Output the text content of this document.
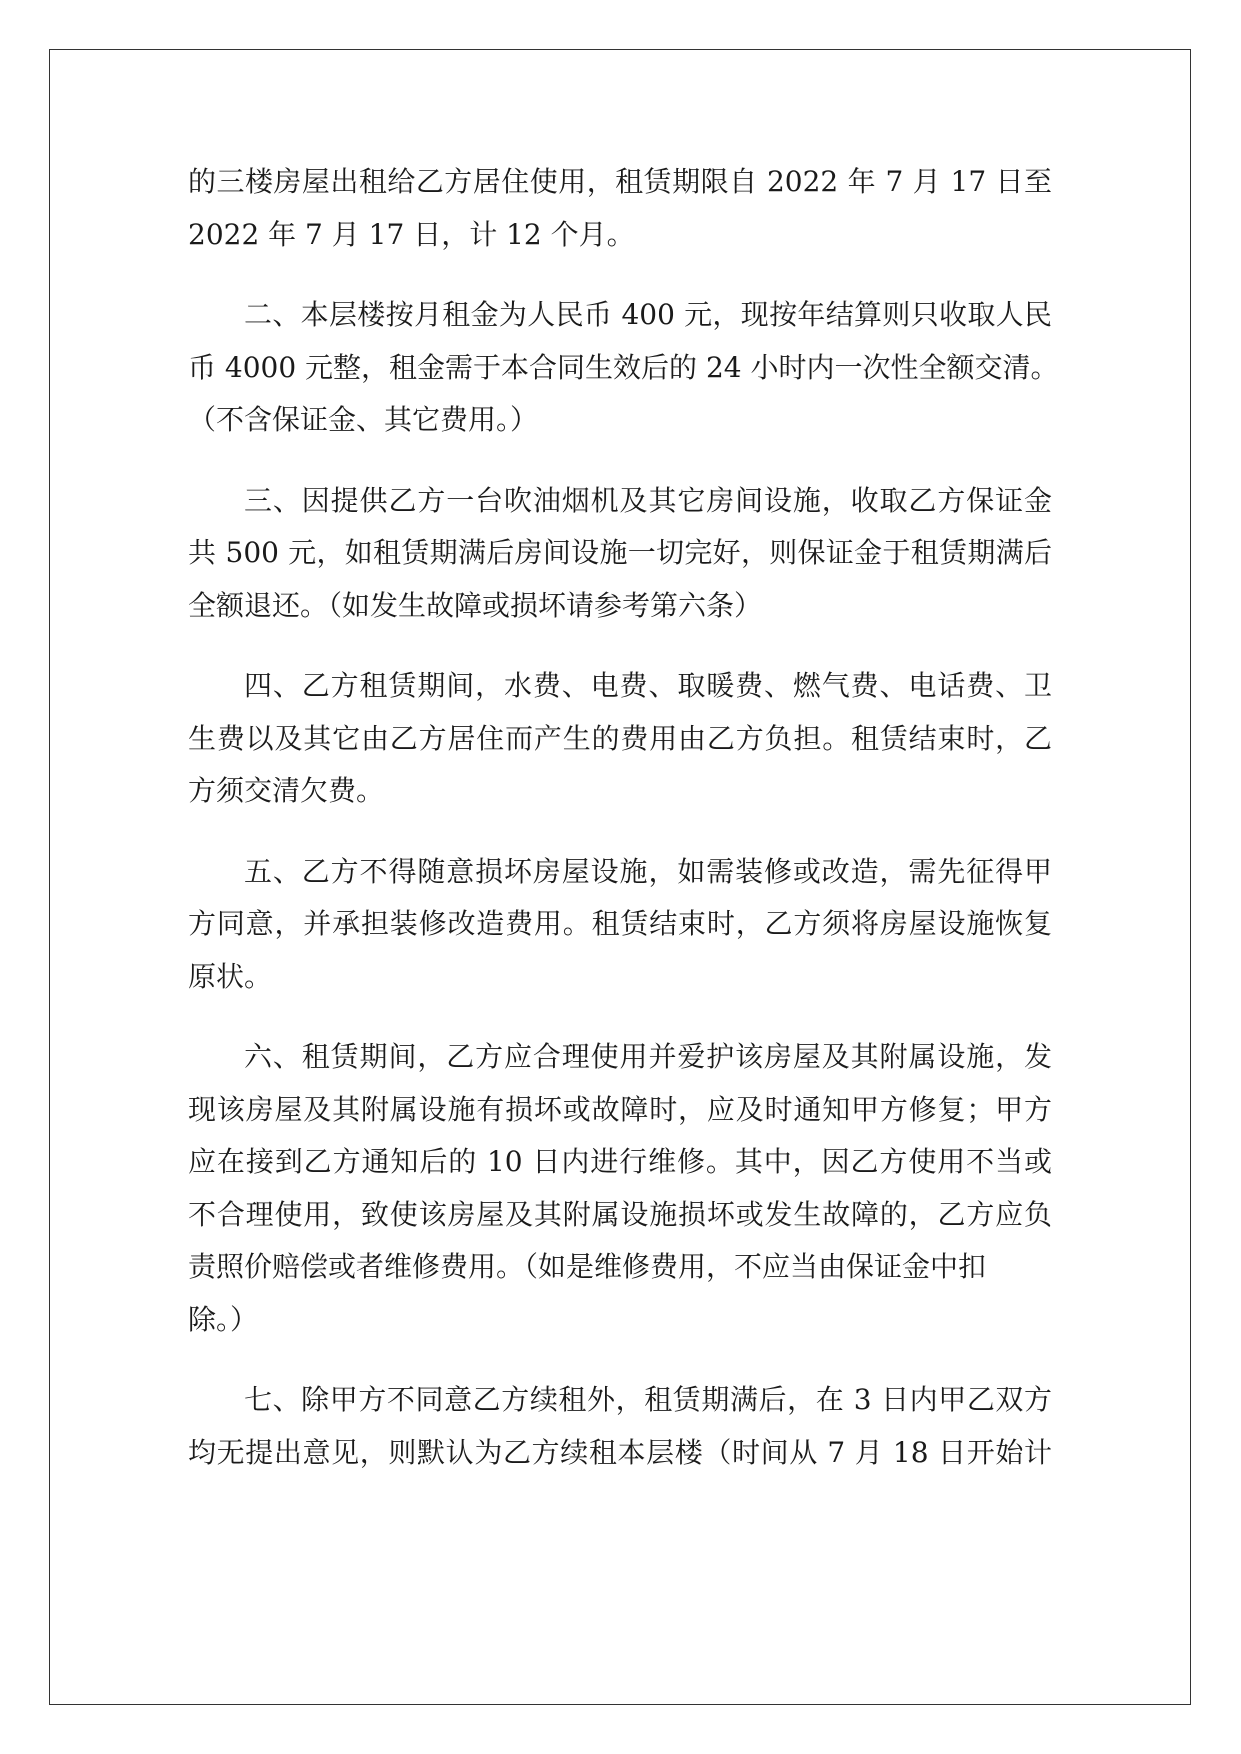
的三楼房屋出租给乙方居住使用，租赁期限自 2022 年 7 月 17 日至
2022 年 7 月 17 日，计 12 个月。
二、本层楼按月租金为人民币 400 元，现按年结算则只收取人民
币 4000 元整，租金需于本合同生效后的 24 小时内一次性全额交清。
（不含保证金、其它费用。）
三、因提供乙方一台吹油烟机及其它房间设施，收取乙方保证金
共 500 元，如租赁期满后房间设施一切完好，则保证金于租赁期满后
全额退还。（如发生故障或损坏请参考第六条）
四、乙方租赁期间，水费、电费、取暖费、燃气费、电话费、卫
生费以及其它由乙方居住而产生的费用由乙方负担。租赁结束时，乙
方须交清欠费。
五、乙方不得随意损坏房屋设施，如需装修或改造，需先征得甲
方同意，并承担装修改造费用。租赁结束时，乙方须将房屋设施恢复
原状。
六、租赁期间，乙方应合理使用并爱护该房屋及其附属设施，发
现该房屋及其附属设施有损坏或故障时，应及时通知甲方修复；甲方
应在接到乙方通知后的 10 日内进行维修。其中，因乙方使用不当或
不合理使用，致使该房屋及其附属设施损坏或发生故障的，乙方应负
责照价赔偿或者维修费用。（如是维修费用，不应当由保证金中扣
除。）
七、除甲方不同意乙方续租外，租赁期满后，在 3 日内甲乙双方
均无提出意见，则默认为乙方续租本层楼（时间从 7 月 18 日开始计
